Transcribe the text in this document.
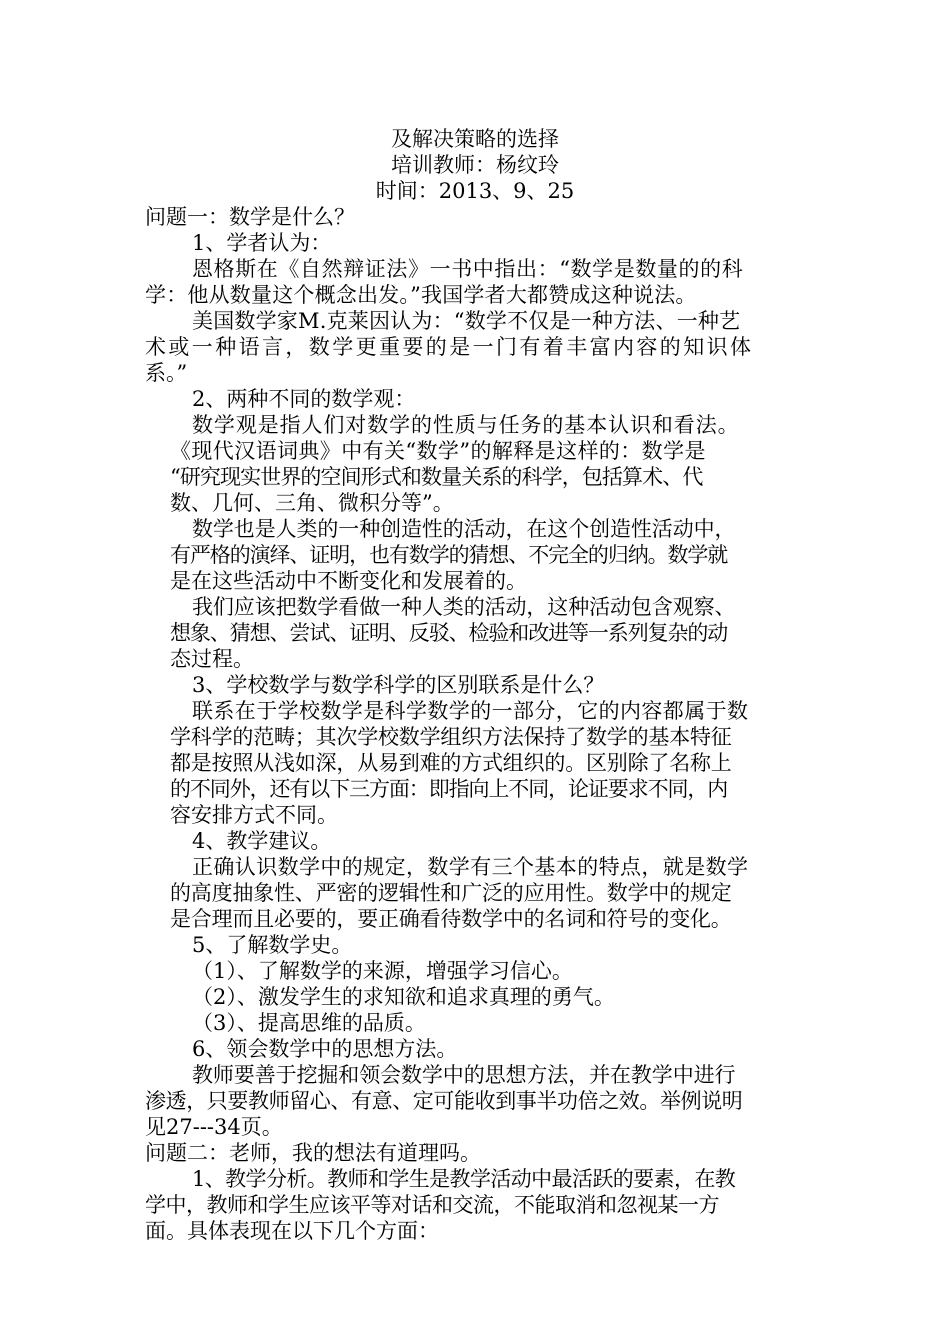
及解决策略的选择
培训教师：杨纹玲
时间：2013、9、25
问题一：数学是什么？
1、学者认为：
恩格斯在《自然辩证法》一书中指出：“数学是数量的的科
学：他从数量这个概念出发。”我国学者大都赞成这种说法。
美国数学家M.克莱因认为：“数学不仅是一种方法、一种艺
术或一种语言，数学更重要的是一门有着丰富内容的知识体
系。”
2、两种不同的数学观：
数学观是指人们对数学的性质与任务的基本认识和看法。
《现代汉语词典》中有关“数学”的解释是这样的：数学是
“研究现实世界的空间形式和数量关系的科学，包括算术、代
数、几何、三角、微积分等”。
数学也是人类的一种创造性的活动，在这个创造性活动中，
有严格的演绎、证明，也有数学的猜想、不完全的归纳。数学就
是在这些活动中不断变化和发展着的。
我们应该把数学看做一种人类的活动，这种活动包含观察、
想象、猜想、尝试、证明、反驳、检验和改进等一系列复杂的动
态过程。
3、学校数学与数学科学的区别联系是什么？
联系在于学校数学是科学数学的一部分，它的内容都属于数
学科学的范畴；其次学校数学组织方法保持了数学的基本特征
都是按照从浅如深，从易到难的方式组织的。区别除了名称上
的不同外，还有以下三方面：即指向上不同，论证要求不同，内
容安排方式不同。
4、教学建议。
正确认识数学中的规定，数学有三个基本的特点，就是数学
的高度抽象性、严密的逻辑性和广泛的应用性。数学中的规定
是合理而且必要的，要正确看待数学中的名词和符号的变化。
5、了解数学史。
（1）、了解数学的来源，增强学习信心。
（2）、激发学生的求知欲和追求真理的勇气。
（3）、提高思维的品质。
6、领会数学中的思想方法。
教师要善于挖掘和领会数学中的思想方法，并在教学中进行
渗透，只要教师留心、有意、定可能收到事半功倍之效。举例说明
见27---34页。
问题二：老师，我的想法有道理吗。
1、教学分析。教师和学生是教学活动中最活跃的要素，在教
学中，教师和学生应该平等对话和交流，不能取消和忽视某一方
面。具体表现在以下几个方面：
